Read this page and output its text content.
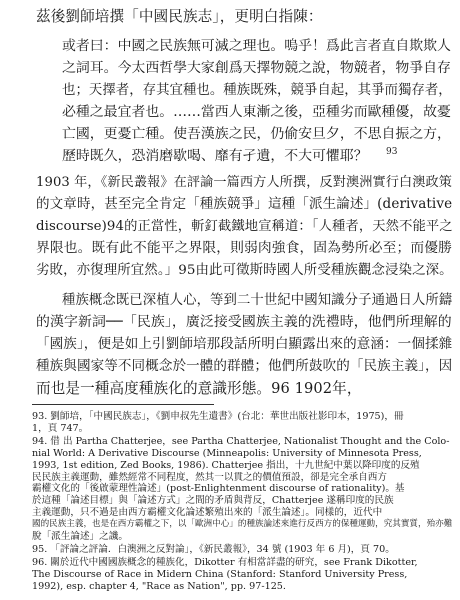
茲後劉師培撰「中國民族志」，更明白指陳：
或者曰：中國之民族無可滅之理也。嗚乎！爲此言者直自欺欺人
之詞耳。今太西哲學大家創爲天擇物競之說，物競者，物爭自存
也；天擇者，存其宜種也。種族既殊，競爭自起，其爭而獨存者，
必種之最宜者也。……當西人東漸之後，亞種劣而歐種優，故憂
亡國，更憂亡種。使吾漢族之民，仍偷安旦夕，不思自振之方，
歷時既久，恐消磨歇喝、靡有孑遺，不大可懼耶？ 93
1903 年，《新民叢報》在評論一篇西方人所撰，反對澳洲實行白澳政策
的文章時，甚至完全肯定「種族競爭」這種「派生論述」(derivative
discourse)94的正當性，斬釘截鐵地宣稱道：「人種者，天然不能平之
界限也。既有此不能平之界限，則弱肉強食，固為勢所必至；而優勝
劣敗，亦復理所宜然。」95由此可徵斯時國人所受種族觀念浸染之深。
種族概念既已深植人心，等到二十世紀中國知識分子通過日人所鑄
的漢字新詞──「民族」，廣泛接受國族主義的洗禮時，他們所理解的
「國族」，便是如上引劉師培那段話所明白顯露出來的意涵：一個揉雜
種族與國家等不同概念於一體的群體；他們所鼓吹的「民族主義」，因
而也是一種高度種族化的意識形態。96 1902年，
93. 劉師培，「中國民族志」，《劉申叔先生遺書》(台北：華世出版社影印本，1975)，冊
1，頁 747。
94. 借 出 Partha Chatterjee，see Partha Chatterjee, Nationalist Thought and the Colo-
nial World: A Derivative Discourse (Minneapolis: University of Minnesota Press,
1993, 1st edition, Zed Books, 1986). Chatterjee 指出，十九世紀中葉以降印度的反殖
民民族主義運動，雖然經常不同程度，然其一以貫之的價值預設，卻是完全承自西方
霸權文化的「後啟蒙理性論述」(post-Enlightenment discourse of rationality)。基
於這種「論述目標」與「論述方式」之間的矛盾與背反，Chatterjee 遂稱印度的民族
主義運動，只不過是由西方霸權文化論述繁殖出來的「派生論述」。同樣的，近代中
國的民族主義，也是在西方霸權之下，以「歐洲中心」的種族論述來進行反西方的保種運動，究其實質，殆亦難
脫「派生論述」之譏。
95. 「評論之評論．白澳洲之反對論」，《新民叢報》，34 號 (1903 年 6 月)，頁 70。
96. 關於近代中國國族概念的種族化，Dikotter 有相當詳盡的研究，see Frank Dikotter,
The Discourse of Race in Midern China (Stanford: Stanford University Press,
1992), esp. chapter 4, "Race as Nation", pp. 97-125.
